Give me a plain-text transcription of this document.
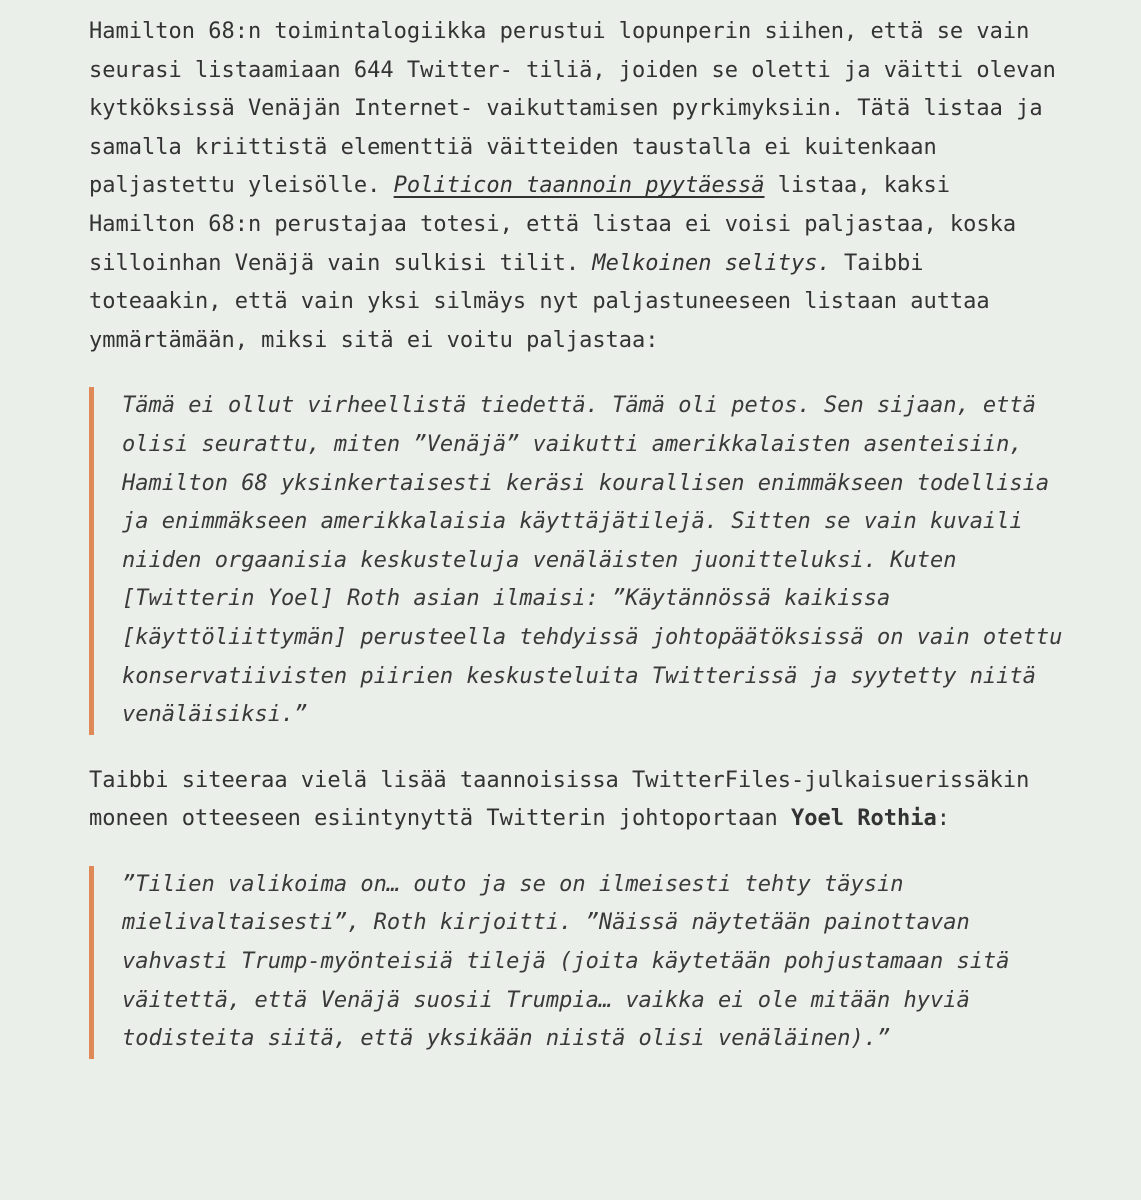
Hamilton 68:n toimintalogiikka perustui lopunperin siihen, että se vain seurasi listaamiaan 644 Twitter- tiliä, joiden se oletti ja väitti olevan kytköksissä Venäjän Internet- vaikuttamisen pyrkimyksiin. Tätä listaa ja samalla kriittistä elementtiä väitteiden taustalla ei kuitenkaan paljastettu yleisölle. Politicon taannoin pyytäessä listaa, kaksi Hamilton 68:n perustajaa totesi, että listaa ei voisi paljastaa, koska silloinhan Venäjä vain sulkisi tilit. Melkoinen selitys. Taibbi toteaakin, että vain yksi silmäys nyt paljastuneeseen listaan auttaa ymmärtämään, miksi sitä ei voitu paljastaa:

Tämä ei ollut virheellistä tiedettä. Tämä oli petos. Sen sijaan, että olisi seurattu, miten ”Venäjä” vaikutti amerikkalaisten asenteisiin, Hamilton 68 yksinkertaisesti keräsi kourallisen enimmäkseen todellisia ja enimmäkseen amerikkalaisia käyttäjätilejä. Sitten se vain kuvaili niiden orgaanisia keskusteluja venäläisten juonitteluksi. Kuten [Twitterin Yoel] Roth asian ilmaisi: ”Käytännössä kaikissa [käyttöliittymän] perusteella tehdyissä johtopäätöksissä on vain otettu konservatiivisten piirien keskusteluita Twitterissä ja syytetty niitä venäläisiksi.”

Taibbi siteeraa vielä lisää taannoisissa TwitterFiles-julkaisuerissäkin moneen otteeseen esiintynyttä Twitterin johtoportaan Yoel Rothia:

”Tilien valikoima on… outo ja se on ilmeisesti tehty täysin mielivaltaisesti”, Roth kirjoitti. ”Näissä näytetään painottavan vahvasti Trump-myönteisiä tilejä (joita käytetään pohjustamaan sitä väitettä, että Venäjä suosii Trumpia… vaikka ei ole mitään hyviä todisteita siitä, että yksikään niistä olisi venäläinen).”
